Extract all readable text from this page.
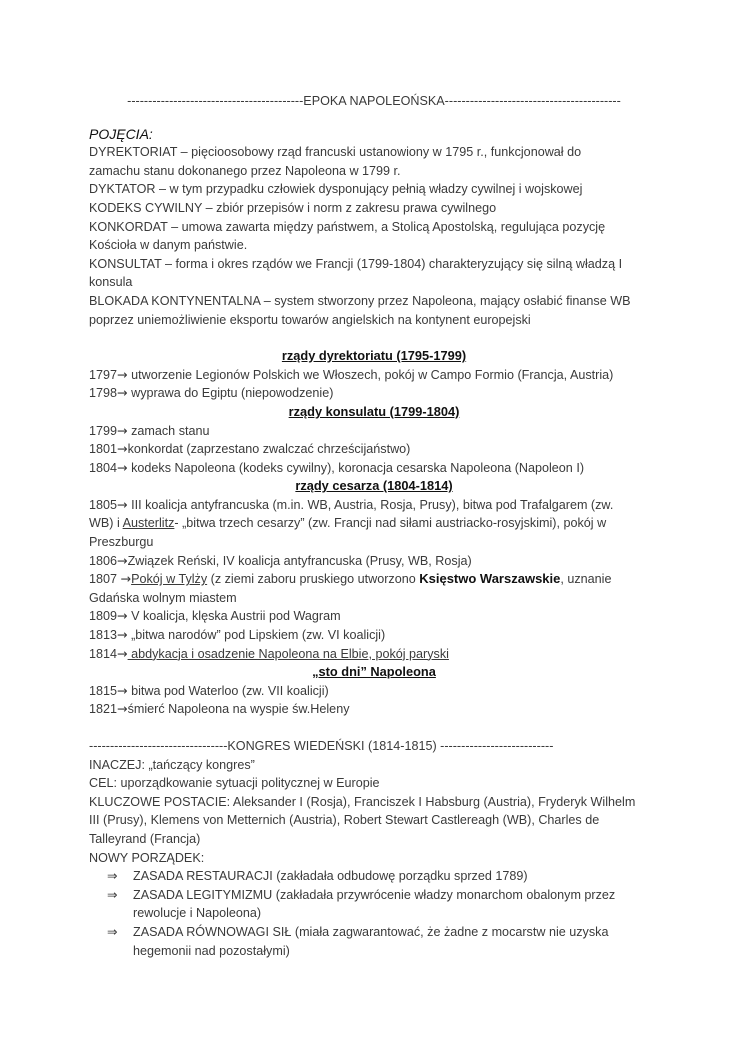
------------------------------------------EPOKA NAPOLEOŃSKA------------------------------------------
POJĘCIA:
DYREKTORIAT – pięcioosobowy rząd francuski ustanowiony w 1795 r., funkcjonował do
zamachu stanu dokonanego przez Napoleona w 1799 r.
DYKTATOR – w tym przypadku człowiek dysponujący pełnią władzy cywilnej i wojskowej
KODEKS CYWILNY – zbiór przepisów i norm z zakresu prawa cywilnego
KONKORDAT – umowa zawarta między państwem, a Stolicą Apostolską, regulująca pozycję
Kościoła w danym państwie.
KONSULTAT – forma i okres rządów we Francji (1799-1804) charakteryzujący się silną władzą I
konsula
BLOKADA KONTYNENTALNA – system stworzony przez Napoleona, mający osłabić finanse WB
poprzez uniemożliwienie eksportu towarów angielskich na kontynent europejski
rządy dyrektoriatu (1795-1799)
1797→ utworzenie Legionów Polskich we Włoszech, pokój w Campo Formio (Francja, Austria)
1798→ wyprawa do Egiptu (niepowodzenie)
rządy konsulatu (1799-1804)
1799→ zamach stanu
1801→konkordat (zaprzestano zwalczać chrześcijaństwo)
1804→ kodeks Napoleona (kodeks cywilny), koronacja cesarska Napoleona (Napoleon I)
rządy cesarza (1804-1814)
1805→ III koalicja antyfrancuska (m.in. WB, Austria, Rosja, Prusy), bitwa pod Trafalgarem (zw.
WB) i Austerlitz- „bitwa trzech cesarzy” (zw. Francji nad siłami austriacko-rosyjskimi), pokój w
Preszburgu
1806→Związek Reński, IV koalicja antyfrancuska (Prusy, WB, Rosja)
1807 →Pokój w Tylży (z ziemi zaboru pruskiego utworzono Księstwo Warszawskie, uznanie
Gdańska wolnym miastem
1809→ V koalicja, klęska Austrii pod Wagram
1813→ „bitwa narodów” pod Lipskiem (zw. VI koalicji)
1814→ abdykacja i osadzenie Napoleona na Elbie, pokój paryski
„sto dni” Napoleona
1815→ bitwa pod Waterloo (zw. VII koalicji)
1821→śmierć Napoleona na wyspie św.Heleny
---------------------------------KONGRES WIEDEŃSKI (1814-1815) ---------------------------
INACZEJ: „tańczący kongres”
CEL: uporządkowanie sytuacji politycznej w Europie
KLUCZOWE POSTACIE: Aleksander I (Rosja), Franciszek I Habsburg (Austria), Fryderyk Wilhelm
III (Prusy), Klemens von Metternich (Austria), Robert Stewart Castlereagh (WB), Charles de
Talleyrand (Francja)
NOWY PORZĄDEK:
⇒	ZASADA RESTAURACJI (zakładała odbudowę porządku sprzed 1789)
⇒	ZASADA LEGITYMIZMU (zakładała przywrócenie władzy monarchom obalonym przez rewolucje i Napoleona)
⇒	ZASADA RÓWNOWAGI SIŁ (miała zagwarantować, że żadne z mocarstw nie uzyska hegemonii nad pozostałymi)
